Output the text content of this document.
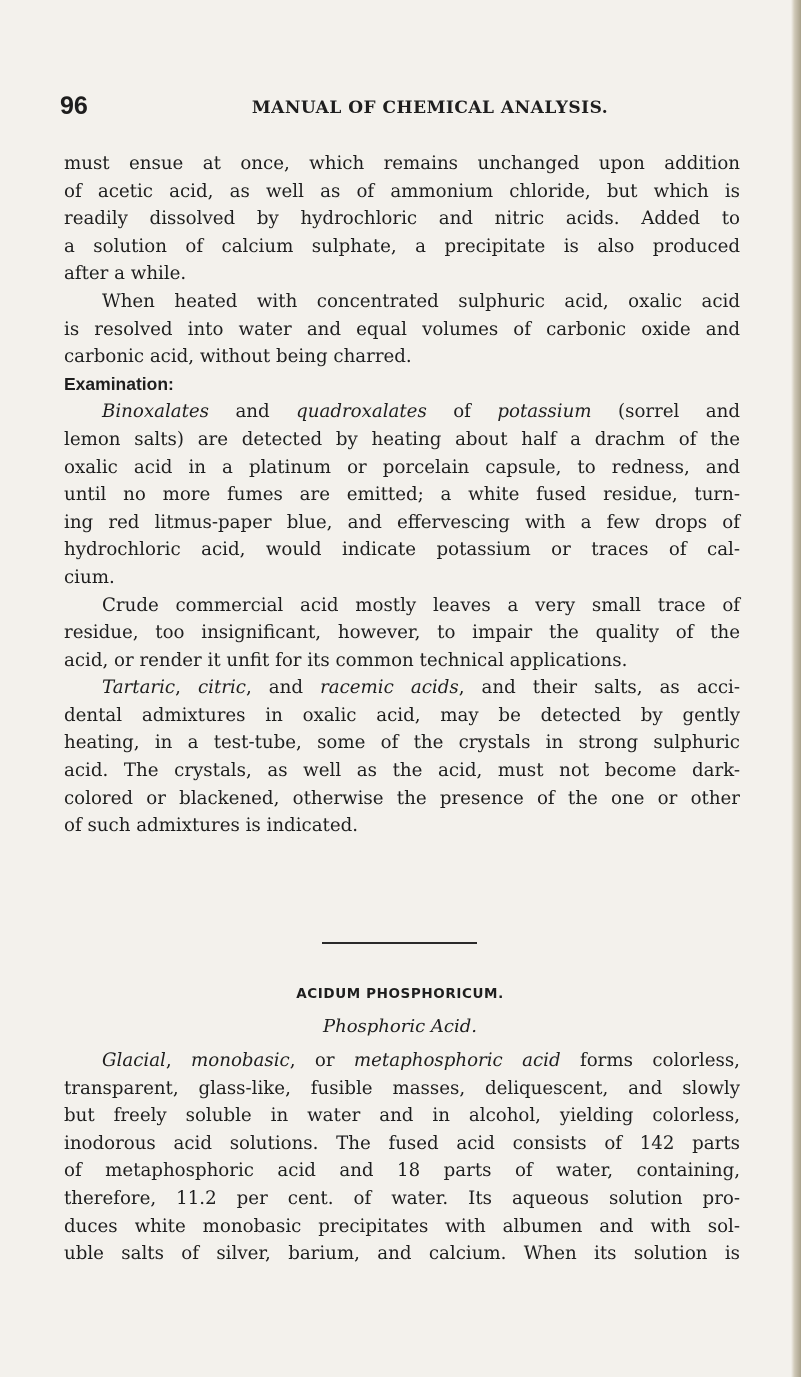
96	MANUAL OF CHEMICAL ANALYSIS.
must ensue at once, which remains unchanged upon addition
of acetic acid, as well as of ammonium chloride, but which is
readily dissolved by hydrochloric and nitric acids. Added to
a solution of calcium sulphate, a precipitate is also produced
after a while.
When heated with concentrated sulphuric acid, oxalic acid
is resolved into water and equal volumes of carbonic oxide and
carbonic acid, without being charred.
Examination:
Binoxalates and quadroxalates of potassium (sorrel and
lemon salts) are detected by heating about half a drachm of the
oxalic acid in a platinum or porcelain capsule, to redness, and
until no more fumes are emitted; a white fused residue, turn-
ing red litmus-paper blue, and effervescing with a few drops of
hydrochloric acid, would indicate potassium or traces of cal-
cium.
Crude commercial acid mostly leaves a very small trace of
residue, too insignificant, however, to impair the quality of the
acid, or render it unfit for its common technical applications.
Tartaric, citric, and racemic acids, and their salts, as acci-
dental admixtures in oxalic acid, may be detected by gently
heating, in a test-tube, some of the crystals in strong sulphuric
acid. The crystals, as well as the acid, must not become dark-
colored or blackened, otherwise the presence of the one or other
of such admixtures is indicated.
ACIDUM PHOSPHORICUM.
Phosphoric Acid.
Glacial, monobasic, or metaphosphoric acid forms colorless,
transparent, glass-like, fusible masses, deliquescent, and slowly
but freely soluble in water and in alcohol, yielding colorless,
inodorous acid solutions. The fused acid consists of 142 parts
of metaphosphoric acid and 18 parts of water, containing,
therefore, 11.2 per cent. of water. Its aqueous solution pro-
duces white monobasic precipitates with albumen and with sol-
uble salts of silver, barium, and calcium. When its solution is
